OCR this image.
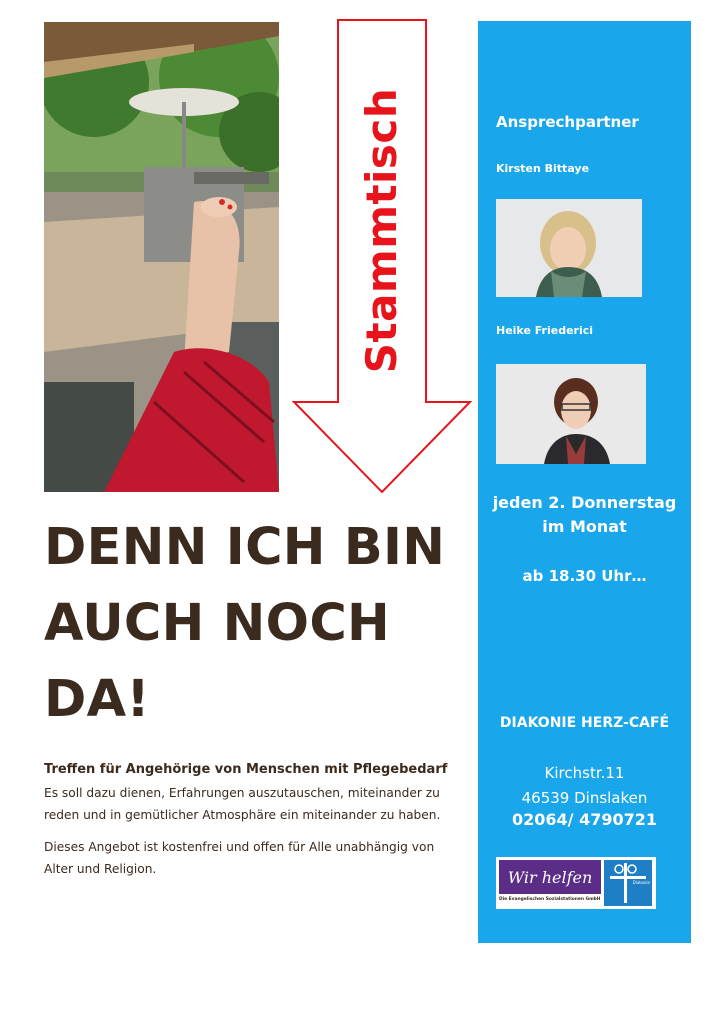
Stammtisch
DENN ICH BIN
AUCH NOCH
DA!
Treffen für Angehörige von Menschen mit Pflegebedarf

Es soll dazu dienen, Erfahrungen auszutauschen, miteinander zu reden und in gemütlicher Atmosphäre ein miteinander zu haben.

Dieses Angebot ist kostenfrei und offen für Alle unabhängig von Alter und Religion.

Ansprechpartner
Kirsten Bittaye
Heike Friederici
jeden 2. Donnerstag
im Monat
ab 18.30 Uhr…
DIAKONIE HERZ-CAFÉ
Kirchstr.11
46539 Dinslaken
02064/ 4790721
Wir helfen	Diakonie
Die Evangelischen Sozialstationen GmbH
